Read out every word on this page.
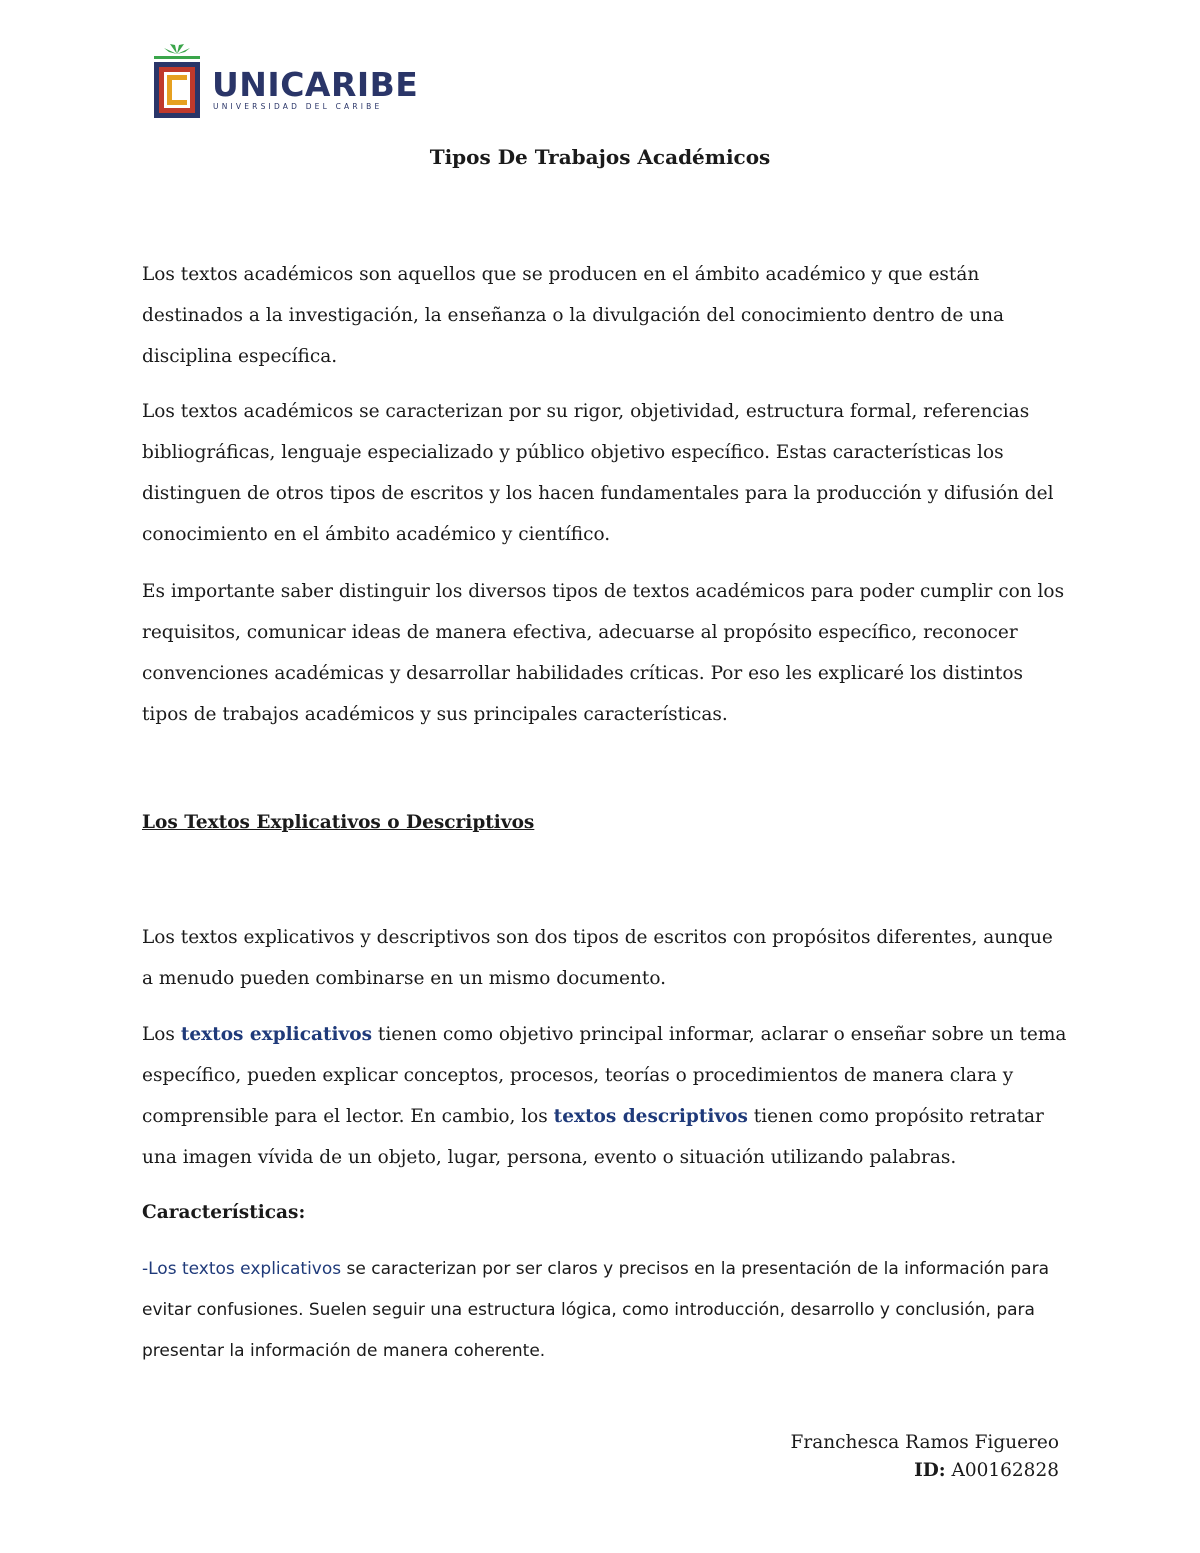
UNICARIBE
UNIVERSIDAD DEL CARIBE
Tipos De Trabajos Académicos

Los textos académicos son aquellos que se producen en el ámbito académico y que están destinados a la investigación, la enseñanza o la divulgación del conocimiento dentro de una disciplina específica.

Los textos académicos se caracterizan por su rigor, objetividad, estructura formal, referencias bibliográficas, lenguaje especializado y público objetivo específico. Estas características los distinguen de otros tipos de escritos y los hacen fundamentales para la producción y difusión del conocimiento en el ámbito académico y científico.

Es importante saber distinguir los diversos tipos de textos académicos para poder cumplir con los requisitos, comunicar ideas de manera efectiva, adecuarse al propósito específico, reconocer convenciones académicas y desarrollar habilidades críticas. Por eso les explicaré los distintos tipos de trabajos académicos y sus principales características.

Los Textos Explicativos o Descriptivos

Los textos explicativos y descriptivos son dos tipos de escritos con propósitos diferentes, aunque a menudo pueden combinarse en un mismo documento.

Los textos explicativos tienen como objetivo principal informar, aclarar o enseñar sobre un tema específico, pueden explicar conceptos, procesos, teorías o procedimientos de manera clara y comprensible para el lector. En cambio, los textos descriptivos tienen como propósito retratar una imagen vívida de un objeto, lugar, persona, evento o situación utilizando palabras.

Características:

-Los textos explicativos se caracterizan por ser claros y precisos en la presentación de la información para evitar confusiones. Suelen seguir una estructura lógica, como introducción, desarrollo y conclusión, para presentar la información de manera coherente.

Franchesca Ramos Figuereo
ID: A00162828
